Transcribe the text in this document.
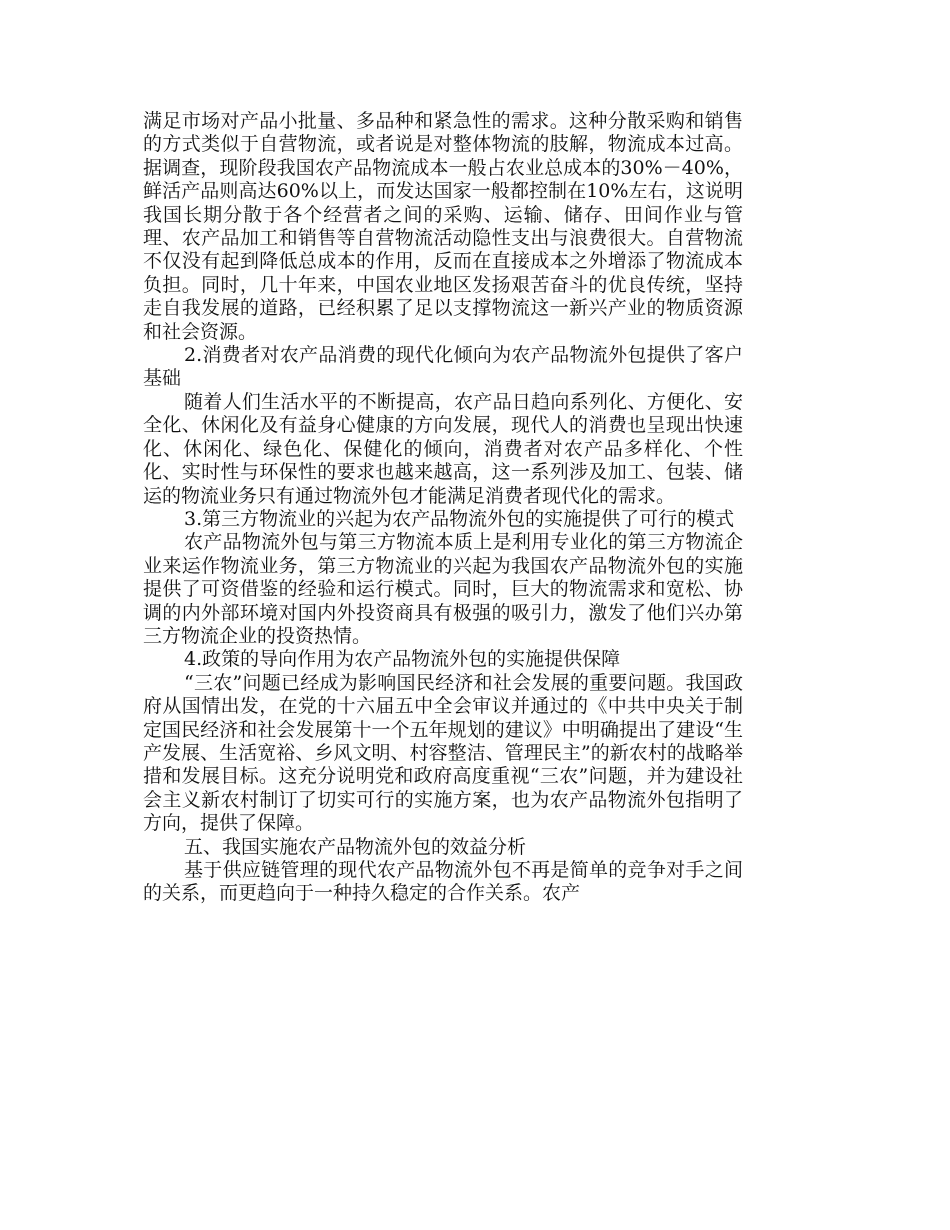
满足市场对产品小批量、多品种和紧急性的需求。这种分散采购和销售的方式类似于自营物流，或者说是对整体物流的肢解，物流成本过高。据调查，现阶段我国农产品物流成本一般占农业总成本的30%－40%，鲜活产品则高达60%以上，而发达国家一般都控制在10%左右，这说明我国长期分散于各个经营者之间的采购、运输、储存、田间作业与管理、农产品加工和销售等自营物流活动隐性支出与浪费很大。自营物流不仅没有起到降低总成本的作用，反而在直接成本之外增添了物流成本负担。同时，几十年来，中国农业地区发扬艰苦奋斗的优良传统，坚持走自我发展的道路，已经积累了足以支撑物流这一新兴产业的物质资源和社会资源。

2.消费者对农产品消费的现代化倾向为农产品物流外包提供了客户基础

随着人们生活水平的不断提高，农产品日趋向系列化、方便化、安全化、休闲化及有益身心健康的方向发展，现代人的消费也呈现出快速化、休闲化、绿色化、保健化的倾向，消费者对农产品多样化、个性化、实时性与环保性的要求也越来越高，这一系列涉及加工、包装、储运的物流业务只有通过物流外包才能满足消费者现代化的需求。

3.第三方物流业的兴起为农产品物流外包的实施提供了可行的模式

农产品物流外包与第三方物流本质上是利用专业化的第三方物流企业来运作物流业务，第三方物流业的兴起为我国农产品物流外包的实施提供了可资借鉴的经验和运行模式。同时，巨大的物流需求和宽松、协调的内外部环境对国内外投资商具有极强的吸引力，激发了他们兴办第三方物流企业的投资热情。

4.政策的导向作用为农产品物流外包的实施提供保障

“三农”问题已经成为影响国民经济和社会发展的重要问题。我国政府从国情出发，在党的十六届五中全会审议并通过的《中共中央关于制定国民经济和社会发展第十一个五年规划的建议》中明确提出了建设“生产发展、生活宽裕、乡风文明、村容整洁、管理民主”的新农村的战略举措和发展目标。这充分说明党和政府高度重视“三农”问题，并为建设社会主义新农村制订了切实可行的实施方案，也为农产品物流外包指明了方向，提供了保障。

五、我国实施农产品物流外包的效益分析

基于供应链管理的现代农产品物流外包不再是简单的竞争对手之间的关系，而更趋向于一种持久稳定的合作关系。农产
